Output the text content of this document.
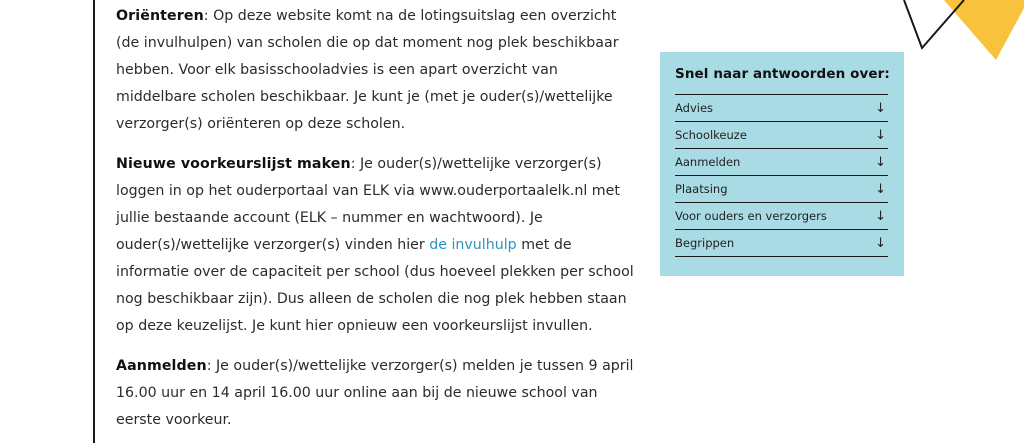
Oriënteren: Op deze website komt na de lotingsuitslag een overzicht (de invulhulpen) van scholen die op dat moment nog plek beschikbaar hebben. Voor elk basisschooladvies is een apart overzicht van middelbare scholen beschikbaar. Je kunt je (met je ouder(s)/wettelijke verzorger(s) oriënteren op deze scholen.

Nieuwe voorkeurslijst maken: Je ouder(s)/wettelijke verzorger(s) loggen in op het ouderportaal van ELK via www.ouderportaalelk.nl met jullie bestaande account (ELK – nummer en wachtwoord). Je ouder(s)/wettelijke verzorger(s) vinden hier de invulhulp met de informatie over de capaciteit per school (dus hoeveel plekken per school nog beschikbaar zijn). Dus alleen de scholen die nog plek hebben staan op deze keuzelijst. Je kunt hier opnieuw een voorkeurslijst invullen.

Aanmelden: Je ouder(s)/wettelijke verzorger(s) melden je tussen 9 april 16.00 uur en 14 april 16.00 uur online aan bij de nieuwe school van eerste voorkeur.

Snel naar antwoorden over:
Advies	↓
Schoolkeuze	↓
Aanmelden	↓
Plaatsing	↓
Voor ouders en verzorgers	↓
Begrippen	↓
